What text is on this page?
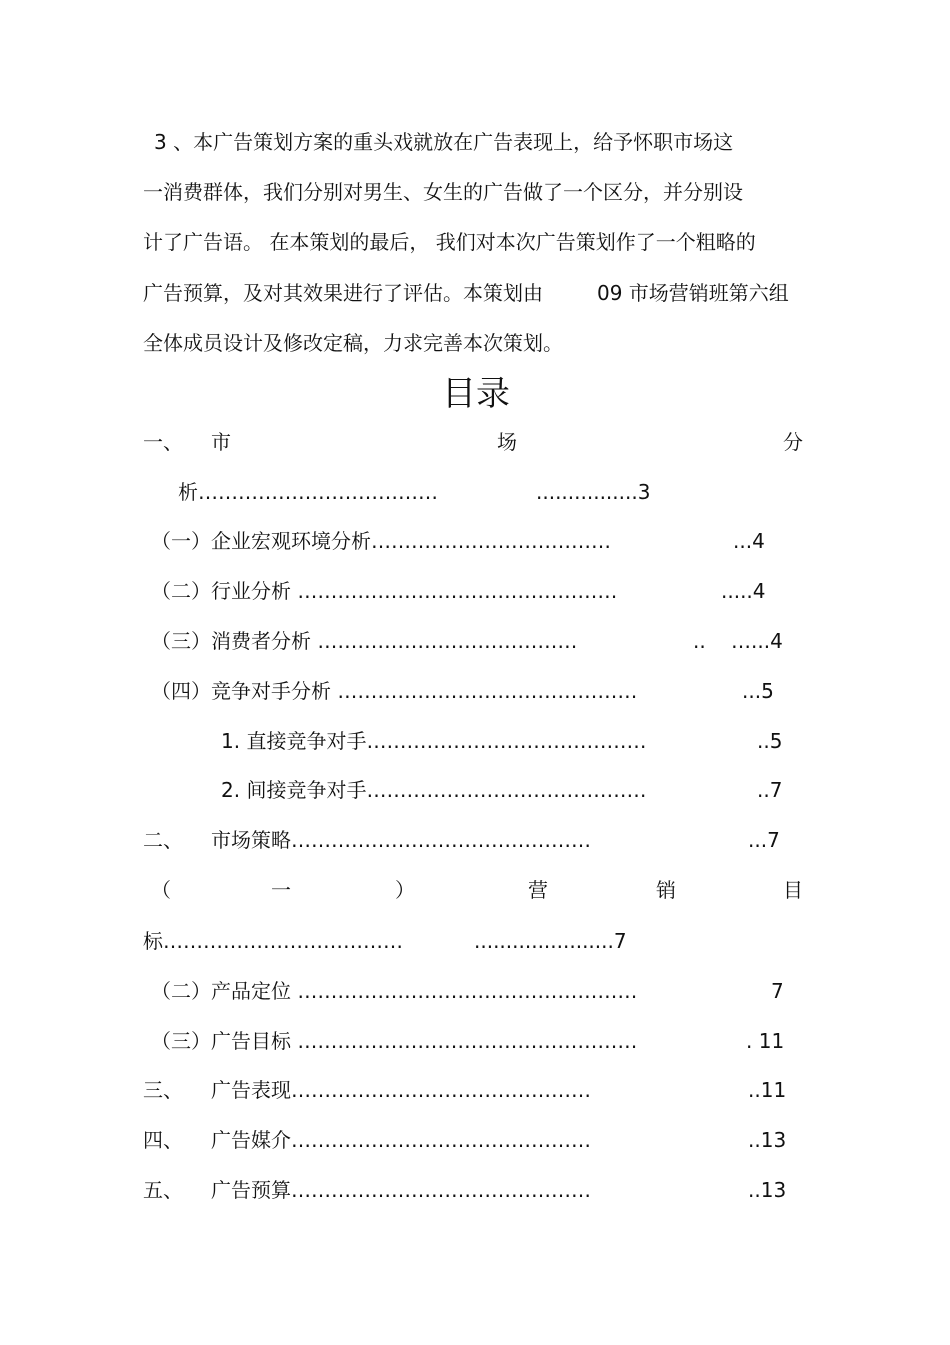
3 、本广告策划方案的重头戏就放在广告表现上，给予怀职市场这
一消费群体，我们分别对男生、女生的广告做了一个区分，并分别设
计了广告语。 在本策划的最后， 我们对本次广告策划作了一个粗略的
广告预算，及对其效果进行了评估。本策划由	09 市场营销班第六组
全体成员设计及修改定稿，力求完善本次策划。
目录
一、 市	场	分
析………………………………	................3
（一）企业宏观环境分析………………………………	...4
（二）行业分析 …………………………………………	.....4
（三）消费者分析 …………………………………	.. …...4
（四）竞争对手分析 ………………………………………	...5
1. 直接竞争对手……………………………………	..5
2. 间接竞争对手……………………………………	..7
二、 市场策略………………………………………	...7
（	一	）	营	销	目
标………………………………	......................7
（二）产品定位 ……………………………………………	7
（三）广告目标 ……………………………………………	. 11
三、 广告表现………………………………………	..11
四、 广告媒介………………………………………	..13
五、 广告预算………………………………………	..13
